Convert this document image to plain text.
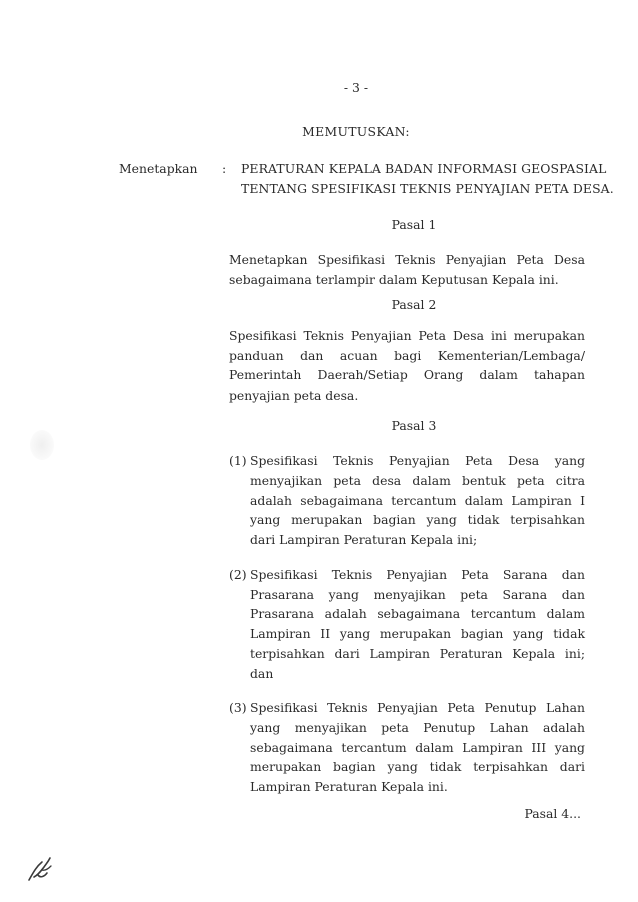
- 3 -
MEMUTUSKAN:
Menetapkan : PERATURAN KEPALA BADAN INFORMASI GEOSPASIAL
TENTANG SPESIFIKASI TEKNIS PENYAJIAN PETA DESA.
Pasal 1
Menetapkan Spesifikasi Teknis Penyajian Peta Desa
sebagaimana terlampir dalam Keputusan Kepala ini.
Pasal 2
Spesifikasi Teknis Penyajian Peta Desa ini merupakan
panduan dan acuan bagi Kementerian/Lembaga/
Pemerintah Daerah/Setiap Orang dalam tahapan
penyajian peta desa.
Pasal 3
(1) Spesifikasi Teknis Penyajian Peta Desa yang
menyajikan peta desa dalam bentuk peta citra
adalah sebagaimana tercantum dalam Lampiran I
yang merupakan bagian yang tidak terpisahkan
dari Lampiran Peraturan Kepala ini;
(2) Spesifikasi Teknis Penyajian Peta Sarana dan
Prasarana yang menyajikan peta Sarana dan
Prasarana adalah sebagaimana tercantum dalam
Lampiran II yang merupakan bagian yang tidak
terpisahkan dari Lampiran Peraturan Kepala ini;
dan
(3) Spesifikasi Teknis Penyajian Peta Penutup Lahan
yang menyajikan peta Penutup Lahan adalah
sebagaimana tercantum dalam Lampiran III yang
merupakan bagian yang tidak terpisahkan dari
Lampiran Peraturan Kepala ini.
Pasal 4...
